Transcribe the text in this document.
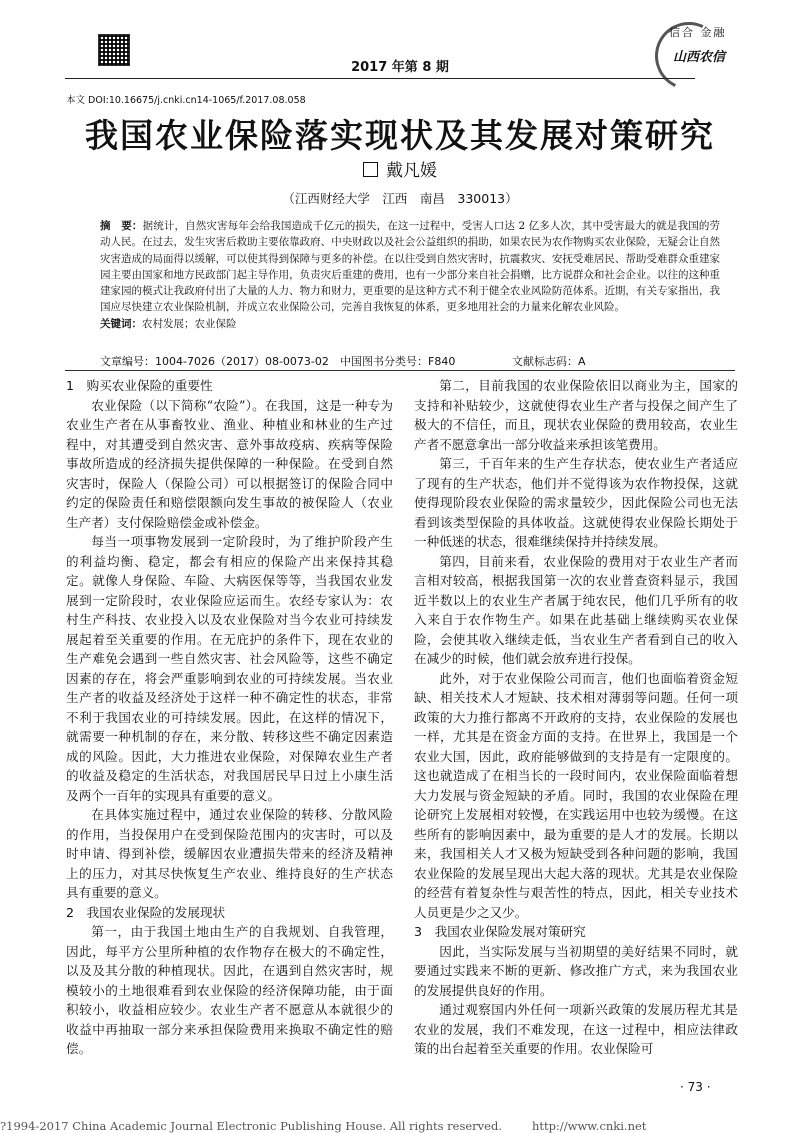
2017 年第 8 期
信合 金融
山西农信
本文 DOI:10.16675/j.cnki.cn14-1065/f.2017.08.058
我国农业保险落实现状及其发展对策研究
戴凡媛
（江西财经大学　江西　南昌　330013）
摘　要：据统计，自然灾害每年会给我国造成千亿元的损失，在这一过程中，受害人口达 2 亿多人次，其中受害最大的就是我国的劳动人民。在过去，发生灾害后救助主要依靠政府、中央财政以及社会公益组织的捐助，如果农民为农作物购买农业保险，无疑会让自然灾害造成的局面得以缓解，可以使其得到保障与更多的补偿。在以往受到自然灾害时，抗震救灾、安抚受难居民、帮助受难群众重建家园主要由国家和地方民政部门起主导作用，负责灾后重建的费用，也有一少部分来自社会捐赠，比方说群众和社会企业。以往的这种重建家园的模式让我政府付出了大量的人力、物力和财力，更重要的是这种方式不利于健全农业风险防范体系。近期，有关专家指出，我国应尽快建立农业保险机制，并成立农业保险公司，完善自我恢复的体系，更多地用社会的力量来化解农业风险。
关键词：农村发展；农业保险
文章编号：1004-7026（2017）08-0073-02 中国图书分类号：F840	文献标志码：A
1　购买农业保险的重要性

农业保险（以下简称“农险”）。在我国，这是一种专为农业生产者在从事畜牧业、渔业、种植业和林业的生产过程中，对其遭受到自然灾害、意外事故疫病、疾病等保险事故所造成的经济损失提供保障的一种保险。在受到自然灾害时，保险人（保险公司）可以根据签订的保险合同中约定的保险责任和赔偿限额向发生事故的被保险人（农业生产者）支付保险赔偿金或补偿金。

每当一项事物发展到一定阶段时，为了维护阶段产生的利益均衡、稳定，都会有相应的保险产出来保持其稳定。就像人身保险、车险、大病医保等等，当我国农业发展到一定阶段时，农业保险应运而生。农经专家认为：农村生产科技、农业投入以及农业保险对当今农业可持续发展起着至关重要的作用。在无庇护的条件下，现在农业的生产难免会遇到一些自然灾害、社会风险等，这些不确定因素的存在，将会严重影响到农业的可持续发展。当农业生产者的收益及经济处于这样一种不确定性的状态，非常不利于我国农业的可持续发展。因此，在这样的情况下，就需要一种机制的存在，来分散、转移这些不确定因素造成的风险。因此，大力推进农业保险，对保障农业生产者的收益及稳定的生活状态，对我国居民早日过上小康生活及两个一百年的实现具有重要的意义。

在具体实施过程中，通过农业保险的转移、分散风险的作用，当投保用户在受到保险范围内的灾害时，可以及时申请、得到补偿，缓解因农业遭损失带来的经济及精神上的压力，对其尽快恢复生产农业、维持良好的生产状态具有重要的意义。

2　我国农业保险的发展现状

第一，由于我国土地由生产的自我规划、自我管理，因此，每平方公里所种植的农作物存在极大的不确定性，以及及其分散的种植现状。因此，在遇到自然灾害时，规模较小的土地很难看到农业保险的经济保障功能，由于面积较小，收益相应较少。农业生产者不愿意从本就很少的收益中再抽取一部分来承担保险费用来换取不确定性的赔偿。

第二，目前我国的农业保险依旧以商业为主，国家的支持和补贴较少，这就使得农业生产者与投保之间产生了极大的不信任，而且，现状农业保险的费用较高，农业生产者不愿意拿出一部分收益来承担该笔费用。

第三，千百年来的生产生存状态，使农业生产者适应了现有的生产状态，他们并不觉得该为农作物投保，这就使得现阶段农业保险的需求量较少，因此保险公司也无法看到该类型保险的具体收益。这就使得农业保险长期处于一种低迷的状态，很难继续保持并持续发展。

第四，目前来看，农业保险的费用对于农业生产者而言相对较高，根据我国第一次的农业普查资料显示，我国近半数以上的农业生产者属于纯农民，他们几乎所有的收入来自于农作物生产。如果在此基础上继续购买农业保险，会使其收入继续走低，当农业生产者看到自己的收入在减少的时候，他们就会放弃进行投保。

此外，对于农业保险公司而言，他们也面临着资金短缺、相关技术人才短缺、技术相对薄弱等问题。任何一项政策的大力推行都离不开政府的支持，农业保险的发展也一样，尤其是在资金方面的支持。在世界上，我国是一个农业大国，因此，政府能够做到的支持是有一定限度的。这也就造成了在相当长的一段时间内，农业保险面临着想大力发展与资金短缺的矛盾。同时，我国的农业保险在理论研究上发展相对较慢，在实践运用中也较为缓慢。在这些所有的影响因素中，最为重要的是人才的发展。长期以来，我国相关人才又极为短缺受到各种问题的影响，我国农业保险的发展呈现出大起大落的现状。尤其是农业保险的经营有着复杂性与艰苦性的特点，因此，相关专业技术人员更是少之又少。

3　我国农业保险发展对策研究

因此，当实际发展与当初期望的美好结果不同时，就要通过实践来不断的更新、修改推广方式，来为我国农业的发展提供良好的作用。

通过观察国内外任何一项新兴政策的发展历程尤其是农业的发展，我们不难发现，在这一过程中，相应法律政策的出台起着至关重要的作用。农业保险可

· 73 ·
?1994-2017 China Academic Journal Electronic Publishing House. All rights reserved.	http://www.cnki.net
